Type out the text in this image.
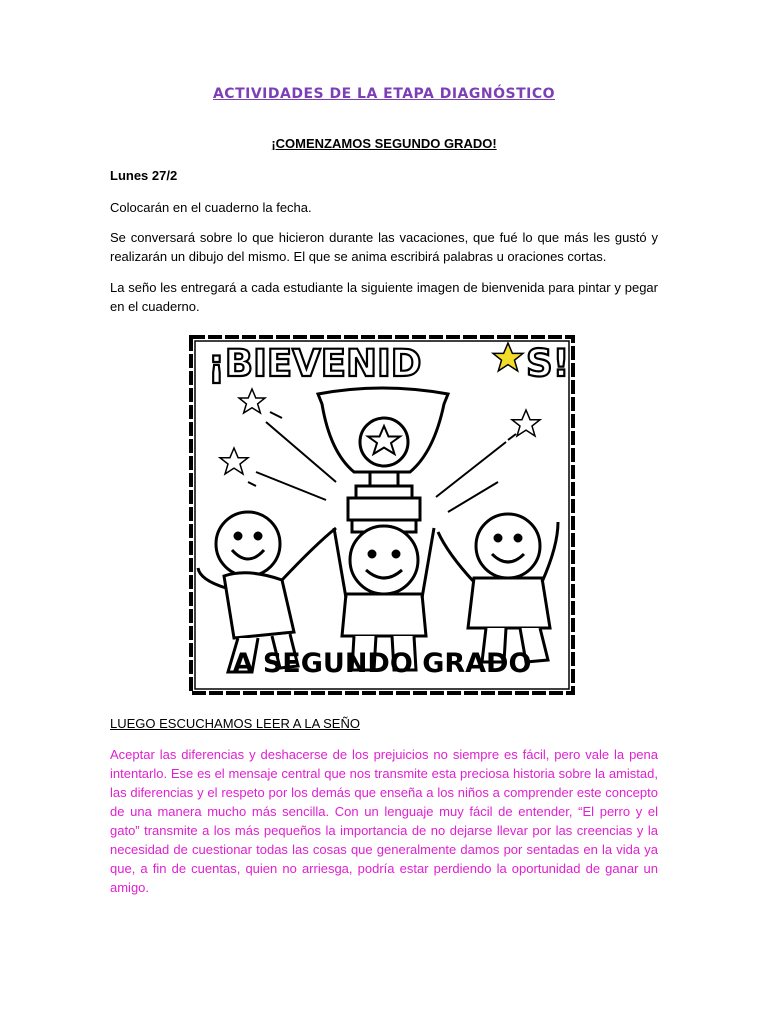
ACTIVIDADES DE LA ETAPA DIAGNÓSTICO
¡COMENZAMOS SEGUNDO GRADO!
Lunes 27/2
Colocarán en el cuaderno la fecha.
Se conversará sobre lo que hicieron durante las vacaciones, que fué lo que más les gustó y realizarán un dibujo del mismo. El que se anima escribirá palabras u oraciones cortas.
La seño les entregará a cada estudiante la siguiente imagen de bienvenida para pintar y pegar en el cuaderno.
¡BIEVENID	S!
A SEGUNDO GRADO
LUEGO ESCUCHAMOS LEER A LA SEÑO
Aceptar las diferencias y deshacerse de los prejuicios no siempre es fácil, pero vale la pena intentarlo. Ese es el mensaje central que nos transmite esta preciosa historia sobre la amistad, las diferencias y el respeto por los demás que enseña a los niños a comprender este concepto de una manera mucho más sencilla. Con un lenguaje muy fácil de entender, “El perro y el gato” transmite a los más pequeños la importancia de no dejarse llevar por las creencias y la necesidad de cuestionar todas las cosas que generalmente damos por sentadas en la vida ya que, a fin de cuentas, quien no arriesga, podría estar perdiendo la oportunidad de ganar un amigo.
